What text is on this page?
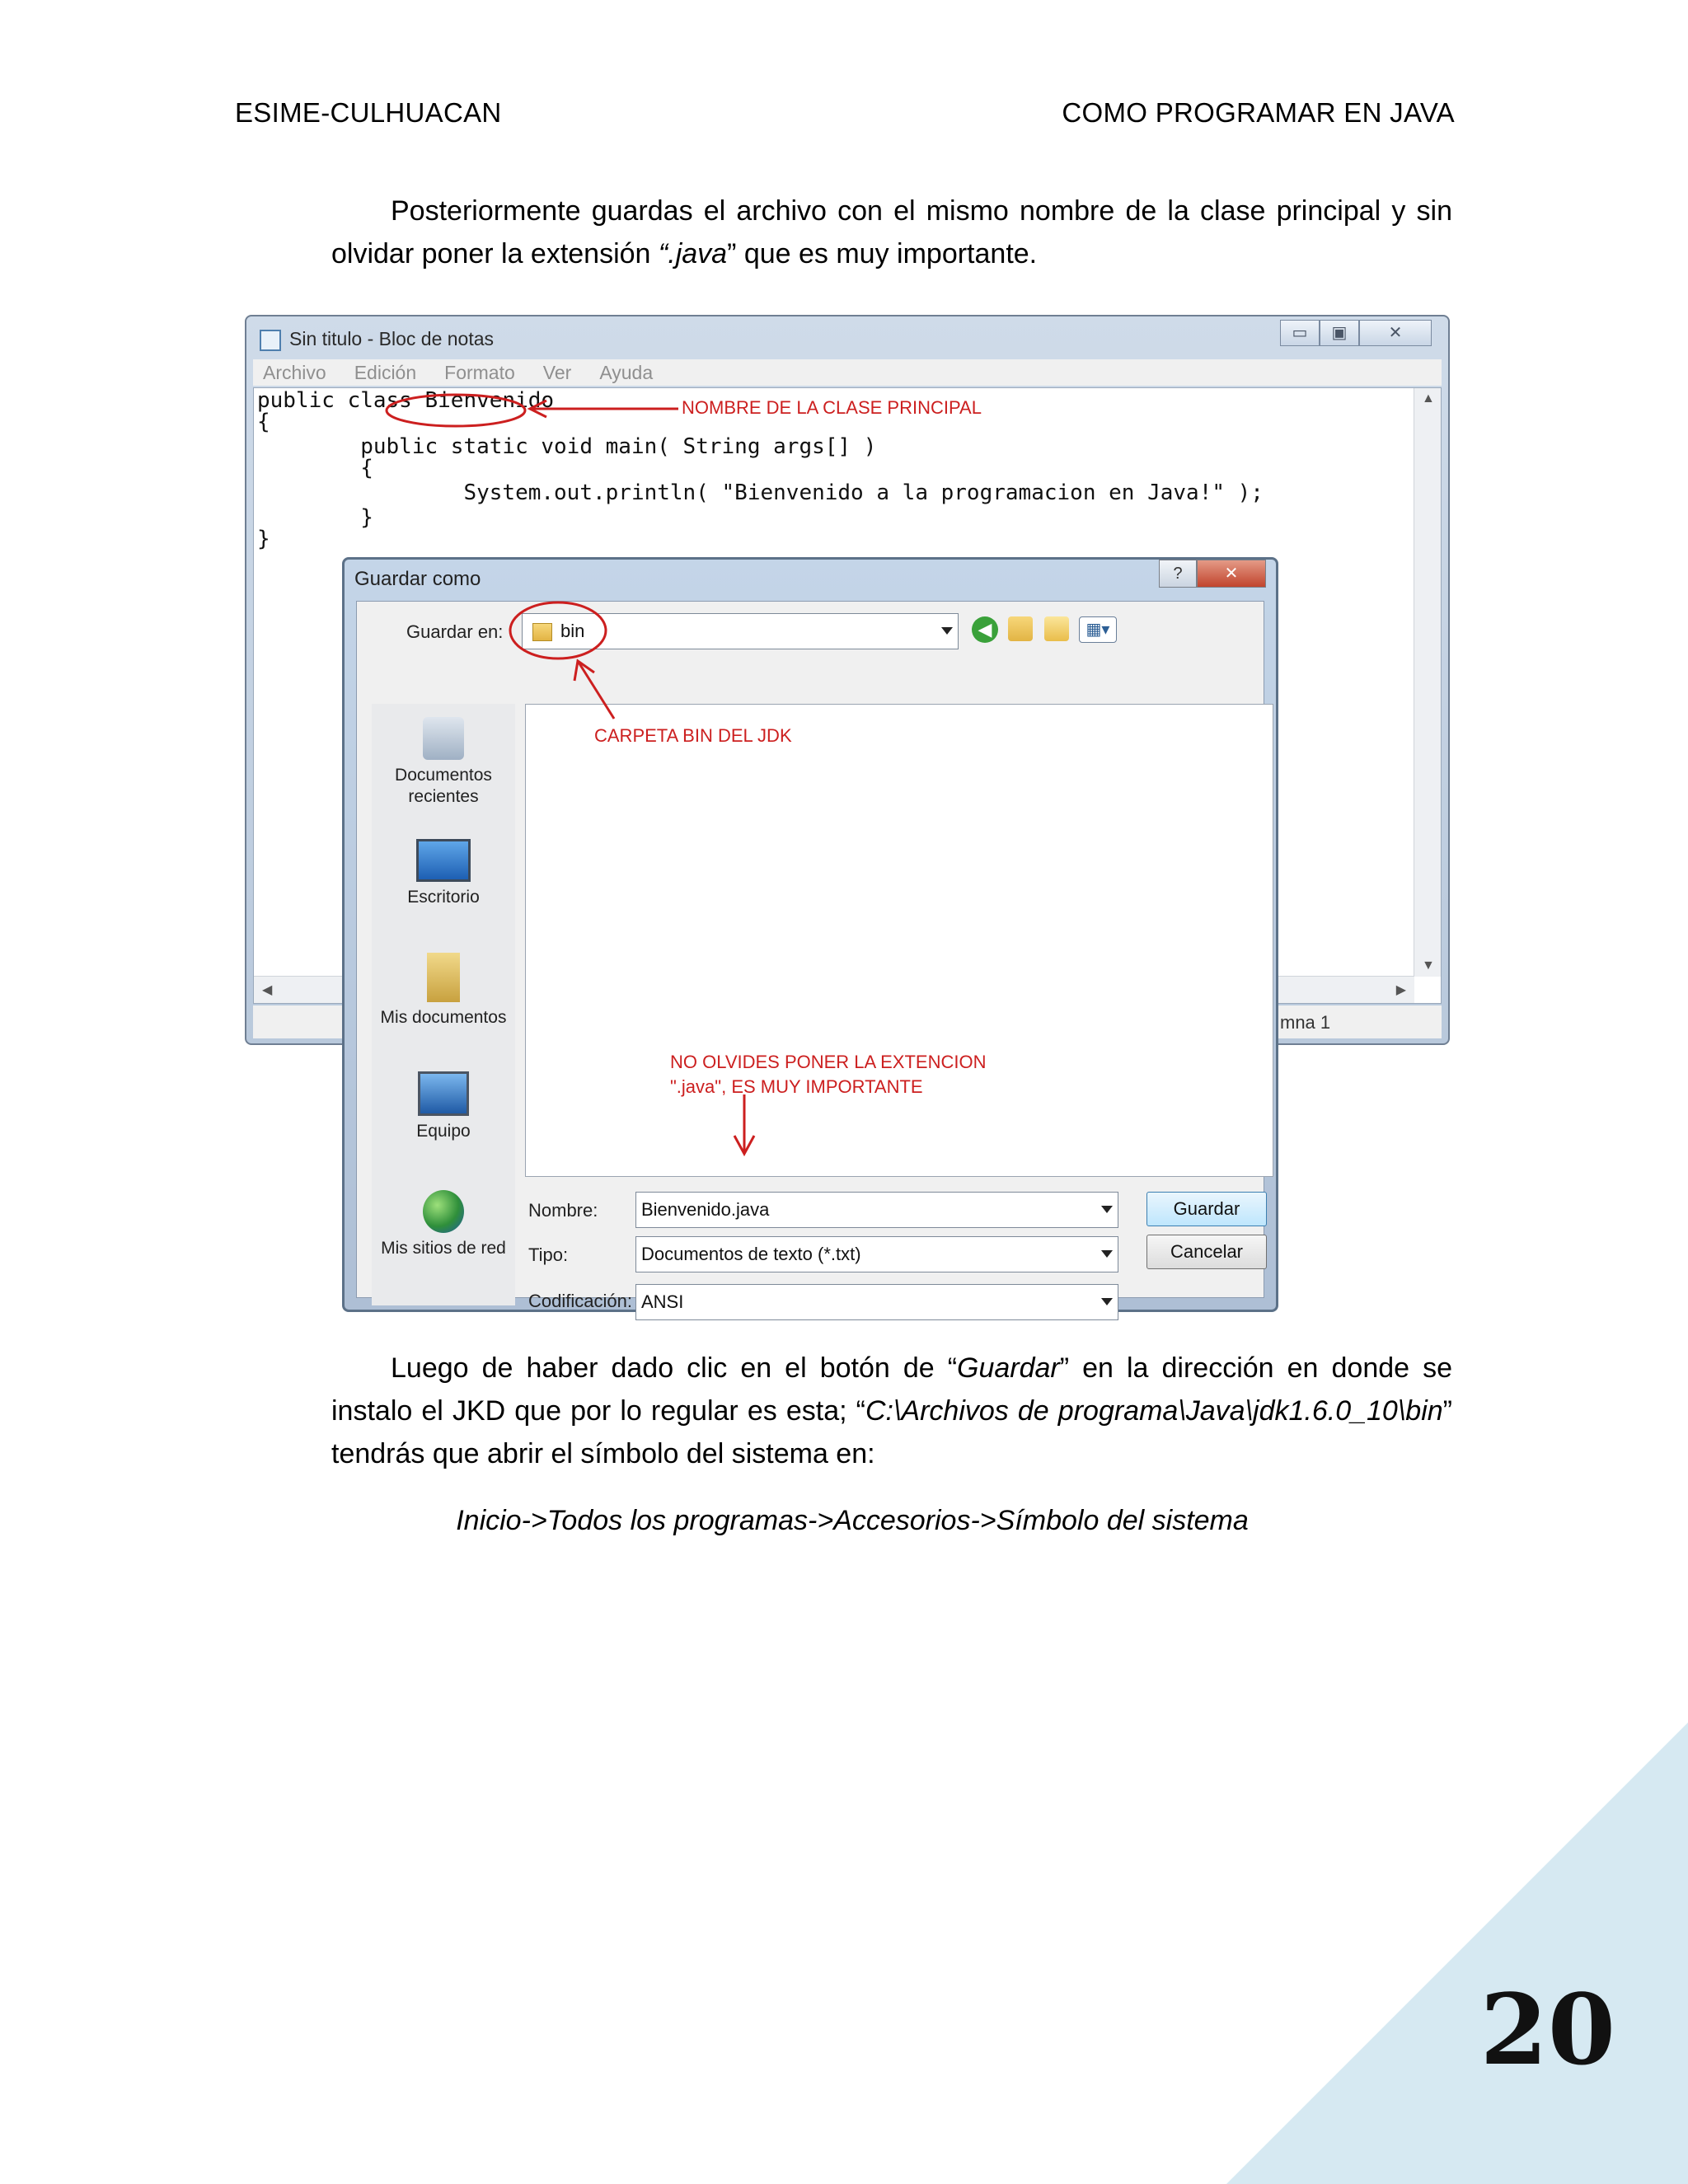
ESIME-CULHUACAN	COMO PROGRAMAR EN JAVA
Posteriormente guardas el archivo con el mismo nombre de la clase principal y sin olvidar poner la extensión “.java” que es muy importante.
Sin titulo - Bloc de notas	▭	▣	✕
Archivo Edición Formato Ver Ayuda
public class Bienvenido
{
public static void main( String args[] )
{
System.out.println( "Bienvenido a la programacion en Java!" );
}
}
▲
▼
◀	▶
mna 1
Guardar como	?	✕
Guardar en:	bin	◀	▦▾
Documentos recientes
Escritorio
Mis documentos
Equipo
Mis sitios de red
Nombre:	Bienvenido.java
Tipo:	Documentos de texto (*.txt)
Codificación: ANSI
Guardar
Cancelar
NOMBRE DE LA CLASE PRINCIPAL
CARPETA BIN DEL JDK
NO OLVIDES PONER LA EXTENCION
".java", ES MUY IMPORTANTE
Luego de haber dado clic en el botón de “Guardar” en la dirección en donde se instalo el JKD que por lo regular es esta; “C:\Archivos de programa\Java\jdk1.6.0_10\bin” tendrás que abrir el símbolo del sistema en:
Inicio->Todos los programas->Accesorios->Símbolo del sistema
20
